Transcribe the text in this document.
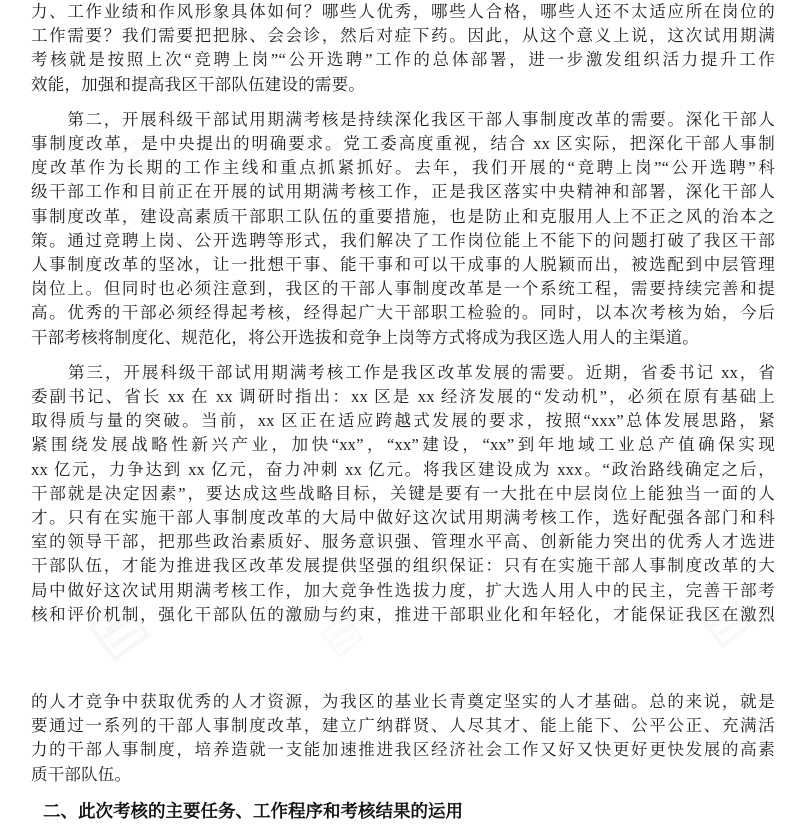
力、工作业绩和作风形象具体如何？哪些人优秀，哪些人合格，哪些人还不太适应所在岗位的
工作需要？我们需要把把脉、会会诊，然后对症下药。因此，从这个意义上说，这次试用期满
考核就是按照上次“竞聘上岗”“公开选聘”工作的总体部署，进一步激发组织活力提升工作
效能，加强和提高我区干部队伍建设的需要。
　　第二，开展科级干部试用期满考核是持续深化我区干部人事制度改革的需要。深化干部人
事制度改革，是中央提出的明确要求。党工委高度重视，结合 xx 区实际，把深化干部人事制
度改革作为长期的工作主线和重点抓紧抓好。去年，我们开展的“竞聘上岗”“公开选聘”科
级干部工作和目前正在开展的试用期满考核工作，正是我区落实中央精神和部署，深化干部人
事制度改革，建设高素质干部职工队伍的重要措施，也是防止和克服用人上不正之风的治本之
策。通过竞聘上岗、公开选聘等形式，我们解决了工作岗位能上不能下的问题打破了我区干部
人事制度改革的坚冰，让一批想干事、能干事和可以干成事的人脱颖而出，被选配到中层管理
岗位上。但同时也必须注意到，我区的干部人事制度改革是一个系统工程，需要持续完善和提
高。优秀的干部必须经得起考核，经得起广大干部职工检验的。同时，以本次考核为始，今后
干部考核将制度化、规范化，将公开选拔和竞争上岗等方式将成为我区选人用人的主渠道。
　　第三，开展科级干部试用期满考核工作是我区改革发展的需要。近期，省委书记 xx，省
委副书记、省长 xx 在 xx 调研时指出：xx 区是 xx 经济发展的“发动机”，必须在原有基础上
取得质与量的突破。当前，xx 区正在适应跨越式发展的要求，按照“xxx”总体发展思路，紧
紧围绕发展战略性新兴产业，加快“xx”，“xx”建设，“xx”到年地域工业总产值确保实现
xx 亿元，力争达到 xx 亿元，奋力冲刺 xx 亿元。将我区建设成为 xxx。“政治路线确定之后，
干部就是决定因素”，要达成这些战略目标，关键是要有一大批在中层岗位上能独当一面的人
才。只有在实施干部人事制度改革的大局中做好这次试用期满考核工作，选好配强各部门和科
室的领导干部，把那些政治素质好、服务意识强、管理水平高、创新能力突出的优秀人才选进
干部队伍，才能为推进我区改革发展提供坚强的组织保证：只有在实施干部人事制度改革的大
局中做好这次试用期满考核工作，加大竞争性选拔力度，扩大选人用人中的民主，完善干部考
核和评价机制，强化干部队伍的激励与约束，推进干部职业化和年轻化，才能保证我区在激烈
的人才竞争中获取优秀的人才资源，为我区的基业长青奠定坚实的人才基础。总的来说，就是
要通过一系列的干部人事制度改革，建立广纳群贤、人尽其才、能上能下、公平公正、充满活
力的干部人事制度，培养造就一支能加速推进我区经济社会工作又好又快更好更快发展的高素
质干部队伍。
二、此次考核的主要任务、工作程序和考核结果的运用
